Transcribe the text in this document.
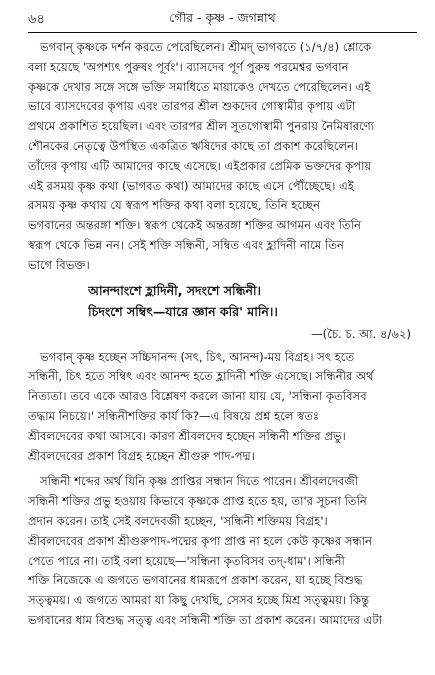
৬৪	গৌর - কৃষ্ণ - জগন্নাথ
ভগবান্ কৃষ্ণকে দর্শন করতে পেরেছিলেন। শ্রীমদ্ ভাগবতে (১/৭/৪) শ্লোকে
বলা হয়েছে 'অপশ্যৎ পুরুষং পূর্বং'। ব্যাসদেব পূর্ণ পুরুষ পরমেশ্বর ভগবান
কৃষ্ণকে দেখার সঙ্গে সঙ্গে ভক্তি সমাধিতে মায়াকেও দেখতে পেরেছিলেন। এই
ভাবে ব্যাসদেবের কৃপায় এবং তারপর শ্রীল শুকদেব গোস্বামীর কৃপায় এটা
প্রথমে প্রকাশিত হয়েছিল। এবং তারপর শ্রীল সূতগোস্বামী পুনরায় নৈমিষারণ্যে
শৌনকের নেতৃত্বে উপস্থিত একত্রিত ঋষিদের কাছে তা প্রকাশ করেছিলেন।
তাঁদের কৃপায় এটি আমাদের কাছে এসেছে। এইপ্রকার প্রেমিক ভক্তদের কৃপায়
এই রসময় কৃষ্ণ কথা (ভাগবত কথা) আমাদের কাছে এসে পৌঁচ্ছেছে। এই
রসময় কৃষ্ণ কথায় যে স্বরূপ শক্তির কথা বলা হয়েছে, তিনি হচ্ছেন
ভগবানের অন্তরঙ্গা শক্তি। স্বরূপ থেকেই অন্তরঙ্গা শক্তির আগমন এবং তিনি
স্বরূপ থেকে ভিন্ন নন। সেই শক্তি সন্ধিনী, সম্বিত এবং হ্লাদিনী নামে তিন
ভাগে বিভক্ত।
আনন্দাংশে হ্লাদিনী, সদংশে সন্ধিনী।
চিদংশে সম্বিৎ—যারে জ্ঞান করি' মানি।।
—(চৈ. চ. আ. ৪/৬২)
ভগবান্ কৃষ্ণ হচ্ছেন সচ্চিদানন্দ (সৎ, চিৎ, আনন্দ)-ময় বিগ্রহ। সৎ হতে
সন্ধিনী, চিৎ হতে সম্বিৎ এবং আনন্দ হতে হ্লাদিনী শক্তি এসেছে। সন্ধিনীর অর্থ
নিত্যতা। তবে একে আরও বিশ্লেষণ করলে জানা যায় যে, 'সন্ধিনা কৃতবিসব
তদ্ধাম নিচয়ে।' সন্ধিনীশক্তির কার্য কি?—এ বিষয়ে প্রশ্ন হলে স্বতঃ
শ্রীবলদেবের কথা আসবে। কারণ শ্রীবলদেব হচ্ছেন সন্ধিনী শক্তির প্রভু।
শ্রীবলদেবের প্রকাশ বিগ্রহ হচ্ছেন শ্রীগুরু পাদ-পদ্ম।
সন্ধিনী শব্দের অর্থ যিনি কৃষ্ণ প্রাপ্তির সন্ধান দিতে পারেন। শ্রীবলদেবজী
সন্ধিনী শক্তির প্রভু হওয়ায় কিভাবে কৃষ্ণকে প্রাপ্ত হতে হয়, তা'র সূচনা তিনি
প্রদান করেন। তাই সেই বলদেবজী হচ্ছেন, 'সন্ধিনী শক্তিময় বিগ্রহ'।
শ্রীবলদেবের প্রকাশ শ্রীগুরুপাদ-পদ্মের কৃপা প্রাপ্ত না হলে কেউ কৃষ্ণের সন্ধান
পেতে পারে না। তাই বলা হয়েছে—'সন্ধিনা কৃতবিসব তদ্-ধাম'। সন্ধিনী
শক্তি নিজেকে এ জগতে ভগবানের ধামরূপে প্রকাশ করেন, যা হচ্ছে বিশুদ্ধ
সত্ত্বময়। এ জগতে আমরা যা কিছু দেখছি, সেসব হচ্ছে মিশ্র সত্ত্বময়। কিন্তু
ভগবানের ধাম বিশুদ্ধ সত্ত্ব এবং সন্ধিনী শক্তি তা প্রকাশ করেন। আমাদের এটা
